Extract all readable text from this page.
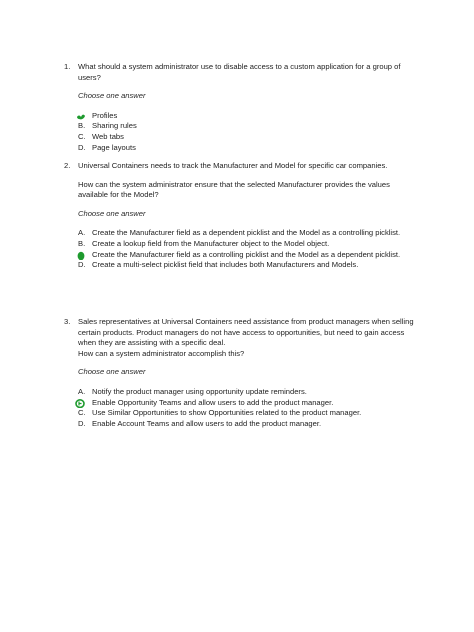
1.	What should a system administrator use to disable access to a custom application for a group of users?

Choose one answer
Profiles
B. Sharing rules
C. Web tabs
D. Page layouts
2.	Universal Containers needs to track the Manufacturer and Model for specific car companies.

How can the system administrator ensure that the selected Manufacturer provides the values available for the Model?

Choose one answer
A. Create the Manufacturer field as a dependent picklist and the Model as a controlling picklist.
B. Create a lookup field from the Manufacturer object to the Model object.
Create the Manufacturer field as a controlling picklist and the Model as a dependent picklist.
D. Create a multi-select picklist field that includes both Manufacturers and Models.
3.	Sales representatives at Universal Containers need assistance from product managers when selling certain products. Product managers do not have access to opportunities, but need to gain access when they are assisting with a specific deal.

How can a system administrator accomplish this?

Choose one answer
A. Notify the product manager using opportunity update reminders.
Enable Opportunity Teams and allow users to add the product manager.
C. Use Similar Opportunities to show Opportunities related to the product manager.
D. Enable Account Teams and allow users to add the product manager.
